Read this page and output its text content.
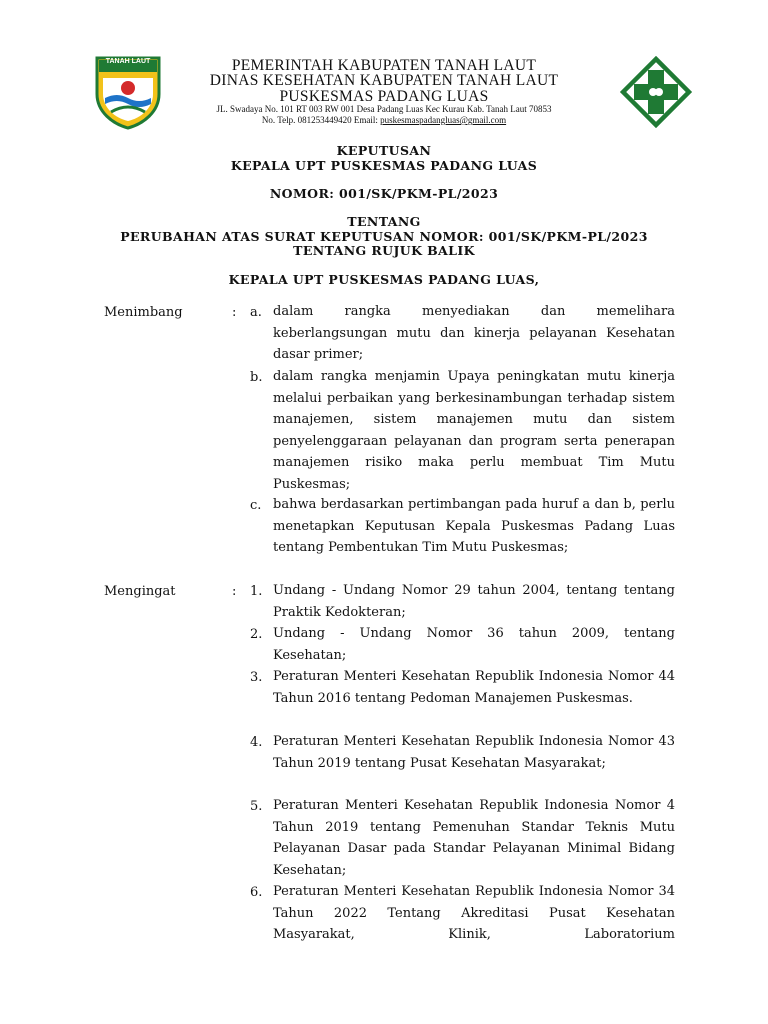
TANAH LAUT	PEMERINTAH KABUPATEN TANAH LAUT
DINAS KESEHATAN KABUPATEN TANAH LAUT
PUSKESMAS PADANG LUAS
JL. Swadaya No. 101 RT 003 RW 001 Desa Padang Luas Kec Kurau Kab. Tanah Laut 70853
No. Telp. 081253449420 Email: puskesmaspadangluas@gmail.com
KEPUTUSAN
KEPALA UPT PUSKESMAS PADANG LUAS
NOMOR: 001/SK/PKM-PL/2023
TENTANG
PERUBAHAN ATAS SURAT KEPUTUSAN NOMOR: 001/SK/PKM-PL/2023
TENTANG RUJUK BALIK
KEPALA UPT PUSKESMAS PADANG LUAS,
Menimbang	: a. dalam rangka menyediakan dan memelihara keberlangsungan mutu dan kinerja pelayanan Kesehatan dasar primer;
b. dalam rangka menjamin Upaya peningkatan mutu kinerja melalui perbaikan yang berkesinambungan terhadap sistem manajemen, sistem manajemen mutu dan sistem penyelenggaraan pelayanan dan program serta penerapan manajemen risiko maka perlu membuat Tim Mutu Puskesmas;
c. bahwa berdasarkan pertimbangan pada huruf a dan b, perlu menetapkan Keputusan Kepala Puskesmas Padang Luas tentang Pembentukan Tim Mutu Puskesmas;
Mengingat	: 1. Undang - Undang Nomor 29 tahun 2004, tentang tentang Praktik Kedokteran;
2. Undang - Undang Nomor 36 tahun 2009, tentang Kesehatan;
3. Peraturan Menteri Kesehatan Republik Indonesia Nomor 44 Tahun 2016 tentang Pedoman Manajemen Puskesmas.
4. Peraturan Menteri Kesehatan Republik Indonesia Nomor 43 Tahun 2019 tentang Pusat Kesehatan Masyarakat;
5. Peraturan Menteri Kesehatan Republik Indonesia Nomor 4 Tahun 2019 tentang Pemenuhan Standar Teknis Mutu Pelayanan Dasar pada Standar Pelayanan Minimal Bidang Kesehatan;
6. Peraturan Menteri Kesehatan Republik Indonesia Nomor 34 Tahun 2022 Tentang Akreditasi Pusat Kesehatan Masyarakat, Klinik, Laboratorium
